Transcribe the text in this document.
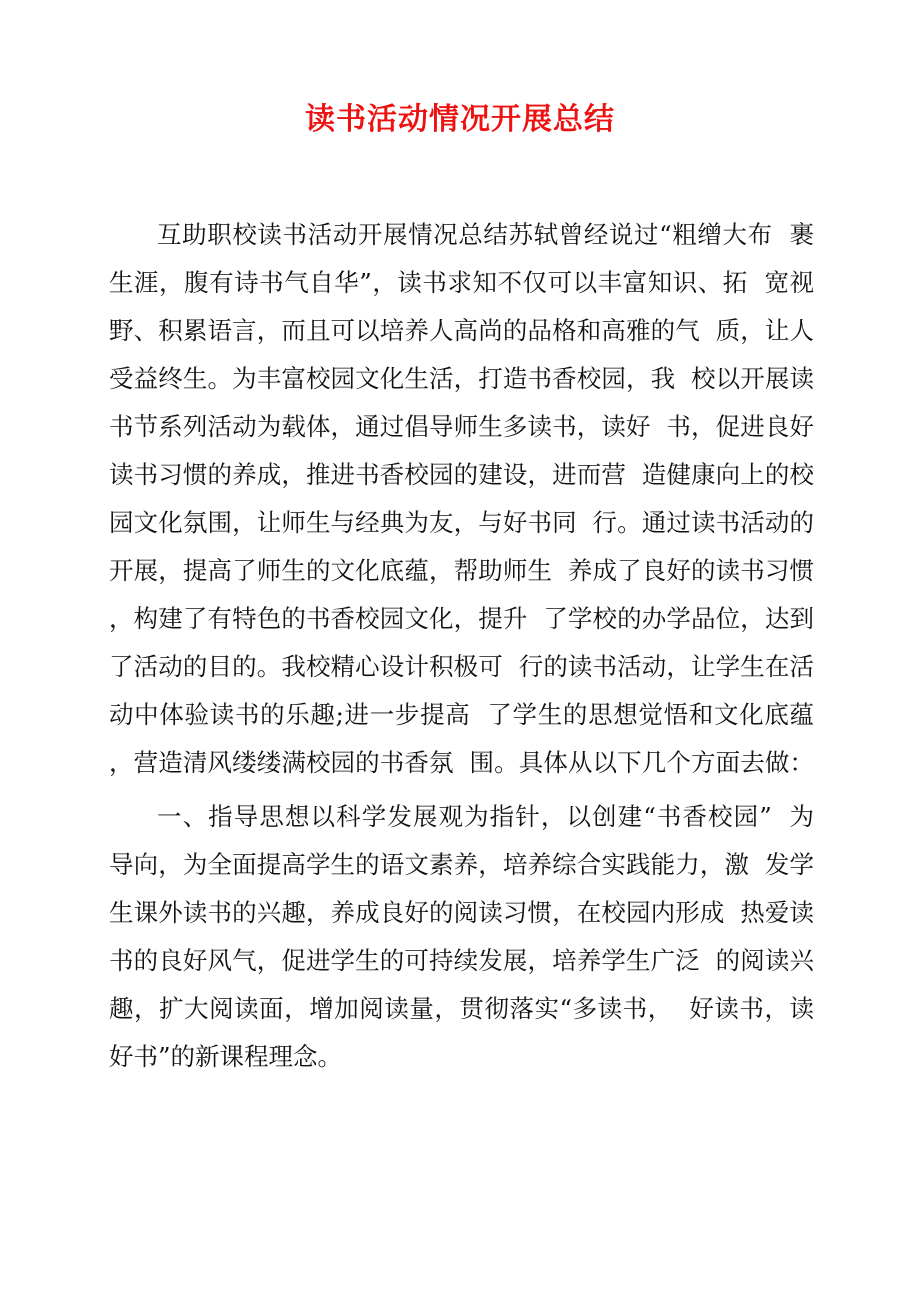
读书活动情况开展总结
互助职校读书活动开展情况总结苏轼曾经说过“粗缯大布  裹
生涯，腹有诗书气自华”，读书求知不仅可以丰富知识、拓  宽视
野、积累语言，而且可以培养人高尚的品格和高雅的气  质，让人
受益终生。为丰富校园文化生活，打造书香校园，我  校以开展读
书节系列活动为载体，通过倡导师生多读书，读好  书，促进良好
读书习惯的养成，推进书香校园的建设，进而营  造健康向上的校
园文化氛围，让师生与经典为友，与好书同  行。通过读书活动的
开展，提高了师生的文化底蕴，帮助师生  养成了良好的读书习惯
，构建了有特色的书香校园文化，提升  了学校的办学品位，达到
了活动的目的。我校精心设计积极可  行的读书活动，让学生在活
动中体验读书的乐趣;进一步提高  了学生的思想觉悟和文化底蕴
，营造清风缕缕满校园的书香氛  围。具体从以下几个方面去做：
一、指导思想以科学发展观为指针，以创建“书香校园”  为
导向，为全面提高学生的语文素养，培养综合实践能力，激  发学
生课外读书的兴趣，养成良好的阅读习惯，在校园内形成  热爱读
书的良好风气，促进学生的可持续发展，培养学生广泛  的阅读兴
趣，扩大阅读面，增加阅读量，贯彻落实“多读书，  好读书，读
好书”的新课程理念。
